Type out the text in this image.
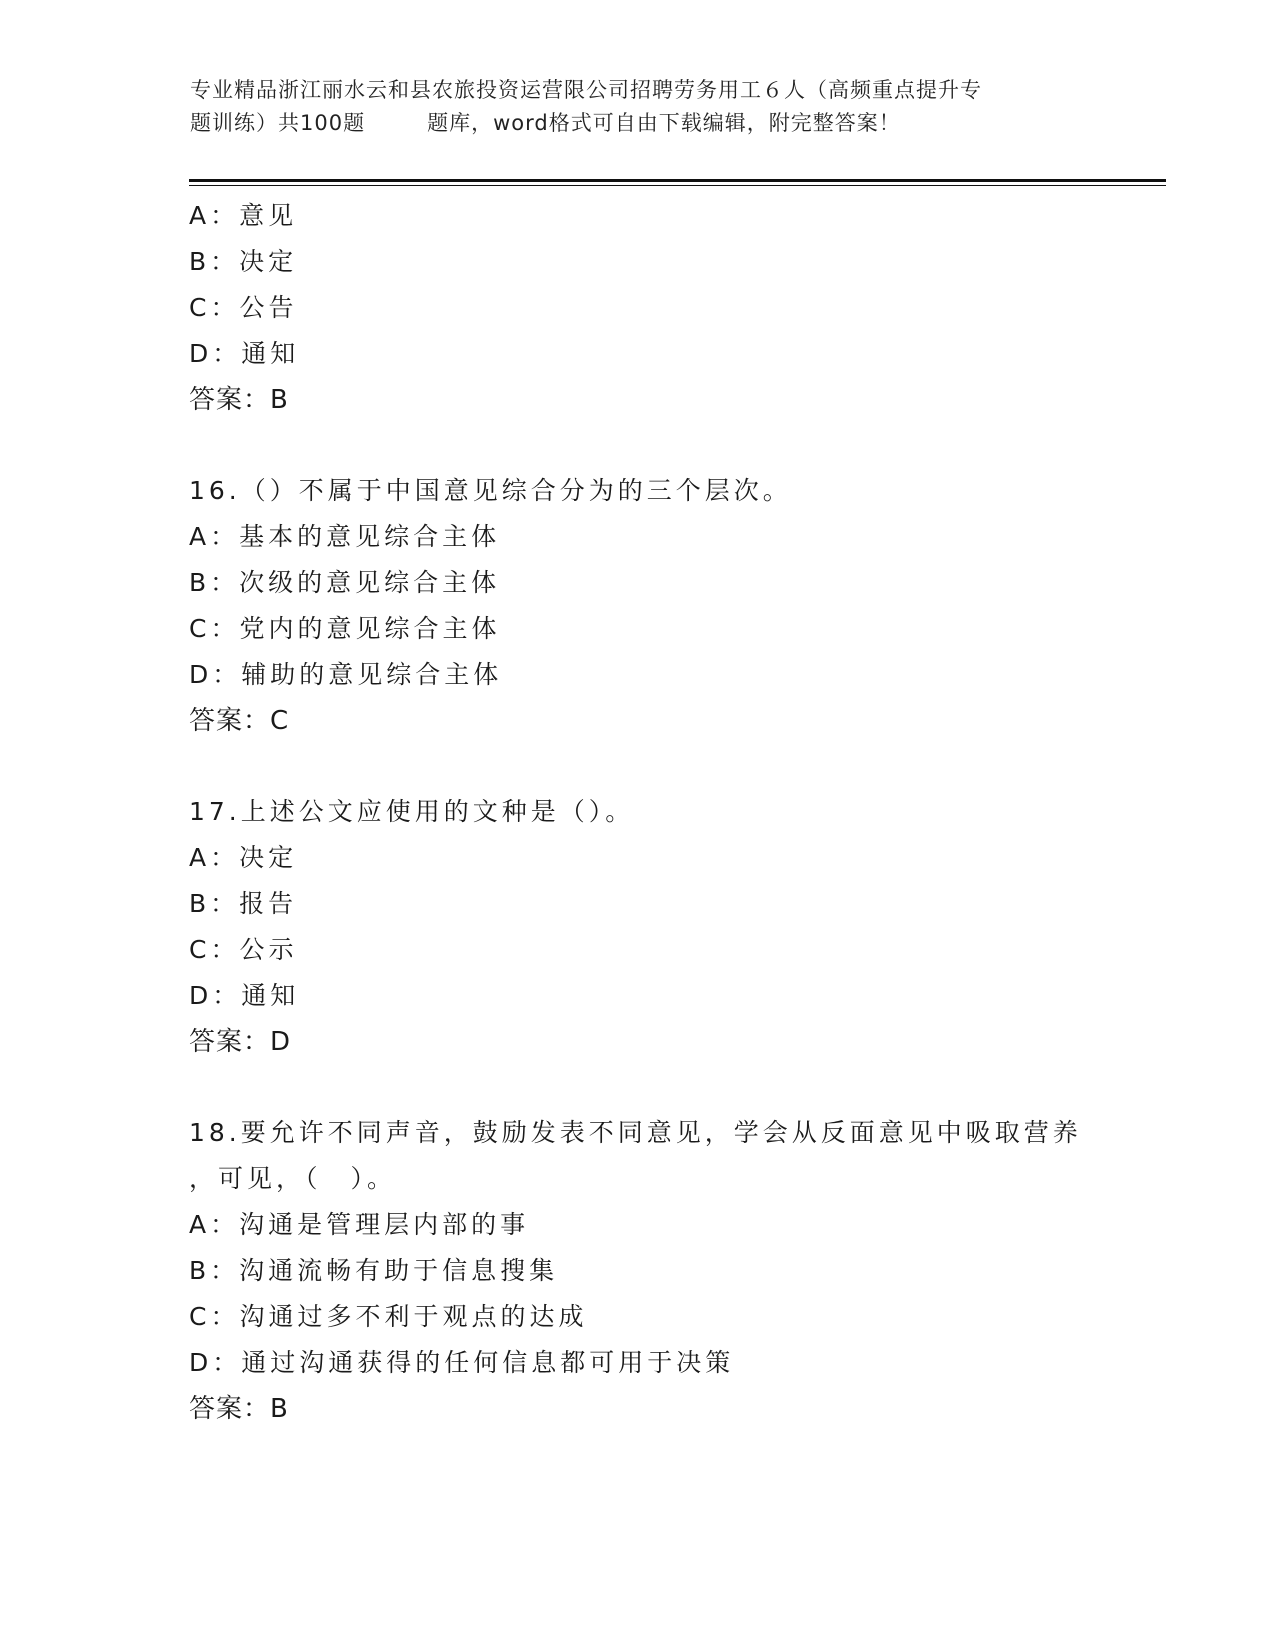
专业精品浙江丽水云和县农旅投资运营限公司招聘劳务用工６人（高频重点提升专
题训练）共100题	题库，word格式可自由下载编辑，附完整答案！
A：意见
B：决定
C：公告
D：通知
答案：B
16.（）不属于中国意见综合分为的三个层次。
A：基本的意见综合主体
B：次级的意见综合主体
C：党内的意见综合主体
D：辅助的意见综合主体
答案：C
17.上述公文应使用的文种是（）。
A：决定
B：报告
C：公示
D：通知
答案：D
18.要允许不同声音，鼓励发表不同意见，学会从反面意见中吸取营养
，可见，（　）。
A：沟通是管理层内部的事
B：沟通流畅有助于信息搜集
C：沟通过多不利于观点的达成
D：通过沟通获得的任何信息都可用于决策
答案：B
